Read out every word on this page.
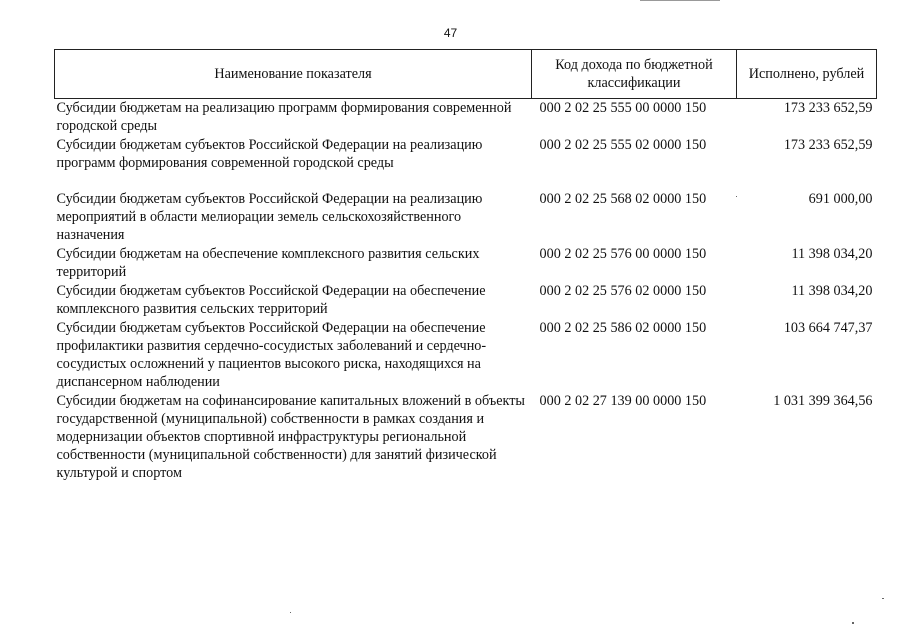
47
Наименование показателя	Код дохода по бюджетной классификации	Исполнено, рублей
Субсидии бюджетам на реализацию программ формирования современной городской среды	000 2 02 25 555 00 0000 150	173 233 652,59
Субсидии бюджетам субъектов Российской Федерации на реализацию программ формирования современной городской среды	000 2 02 25 555 02 0000 150	173 233 652,59
Субсидии бюджетам субъектов Российской Федерации на реализацию мероприятий в области мелиорации земель сельскохозяйственного назначения	000 2 02 25 568 02 0000 150	691 000,00
Субсидии бюджетам на обеспечение комплексного развития сельских территорий	000 2 02 25 576 00 0000 150	11 398 034,20
Субсидии бюджетам субъектов Российской Федерации на обеспечение комплексного развития сельских территорий	000 2 02 25 576 02 0000 150	11 398 034,20
Субсидии бюджетам субъектов Российской Федерации на обеспечение профилактики развития сердечно-сосудистых заболеваний и сердечно-сосудистых осложнений у пациентов высокого риска, находящихся на диспансерном наблюдении	000 2 02 25 586 02 0000 150	103 664 747,37
Субсидии бюджетам на софинансирование капитальных вложений в объекты государственной (муниципальной) собственности в рамках создания и модернизации объектов спортивной инфраструктуры региональной собственности (муниципальной собственности) для занятий физической культурой и спортом	000 2 02 27 139 00 0000 150	1 031 399 364,56
